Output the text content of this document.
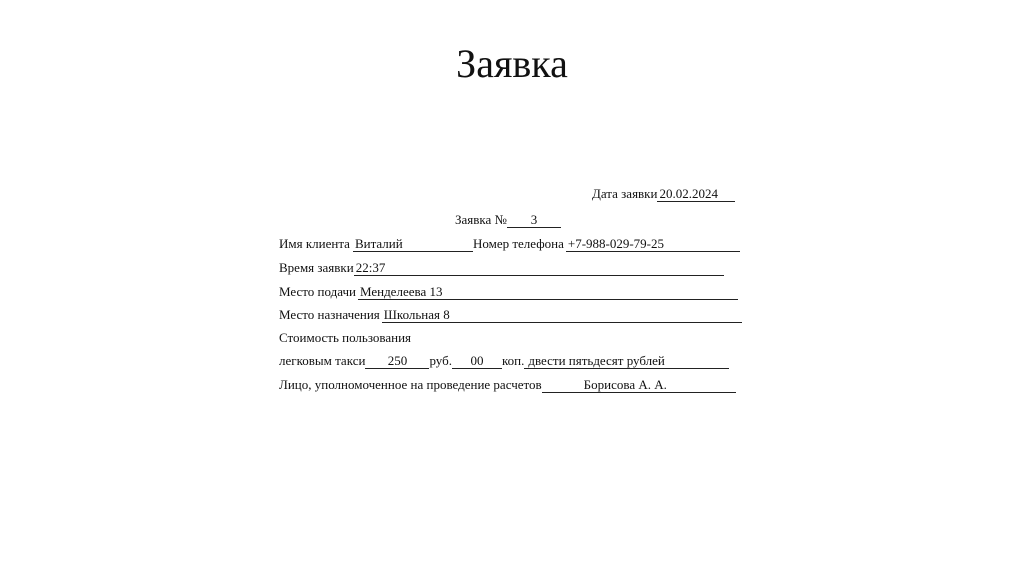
Заявка
Дата заявки 20.02.2024
Заявка №	3
Имя клиента Виталий	Номер телефона +7-988-029-79-25
Время заявки 22:37
Место подачи Менделеева 13
Место назначения Школьная 8
Стоимость пользования
легковым такси	250	руб.	00	коп. двести пятьдесят рублей
Лицо, уполномоченное на проведение расчетов	Борисова А. А.
